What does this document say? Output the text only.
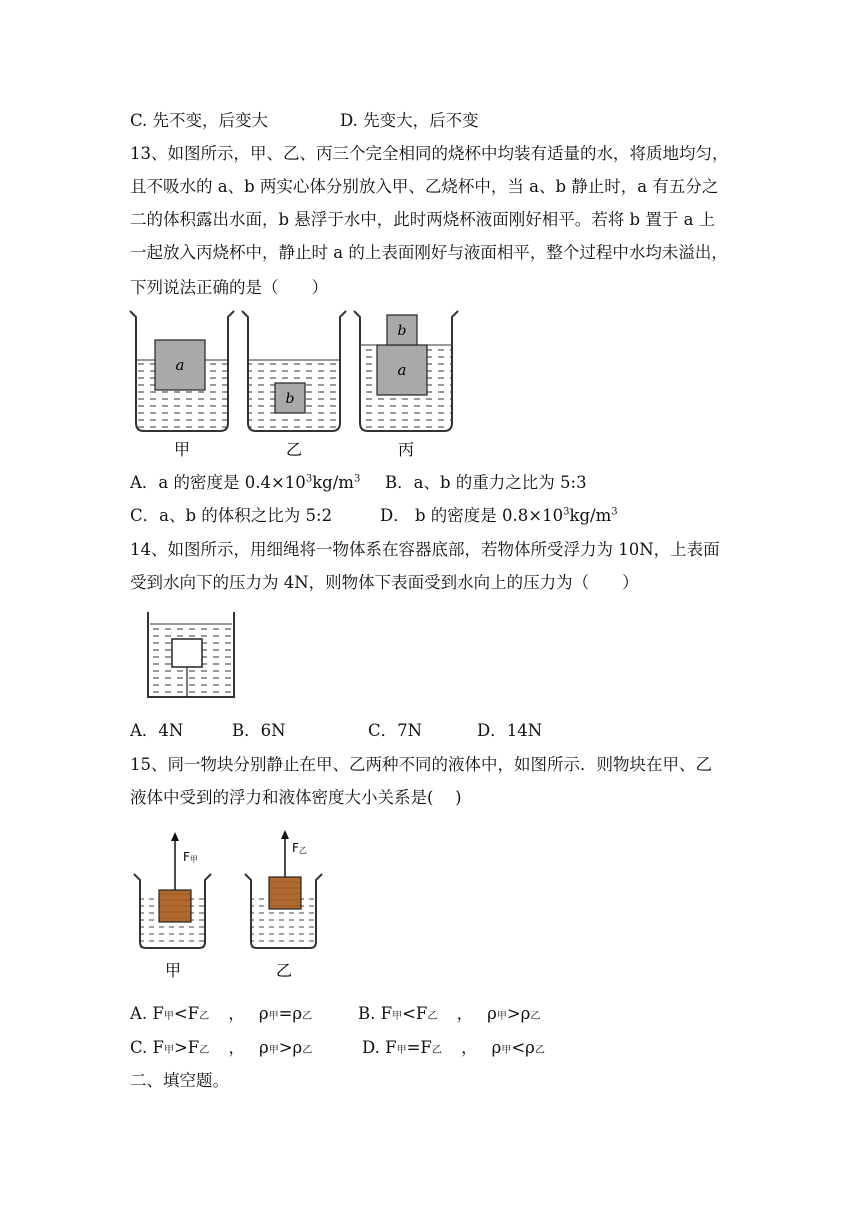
C. 先不变，后变大	D. 先变大，后不变
13、如图所示，甲、乙、丙三个完全相同的烧杯中均装有适量的水，将质地均匀，
且不吸水的 a、b 两实心体分别放入甲、乙烧杯中，当 a、b 静止时，a 有五分之
二的体积露出水面，b 悬浮于水中，此时两烧杯液面刚好相平。若将 b 置于 a 上
一起放入丙烧杯中，静止时 a 的上表面刚好与液面相平，整个过程中水均未溢出，
下列说法正确的是（　　）
a
b
a
b
甲	乙	丙
A．a 的密度是 $0.4\times 10^3kg/m^3$ B．a、b 的重力之比为 5:3
C．a、b 的体积之比为 5:2	D． b 的密度是 $0.8\times 10^3kg/m^3$
14、如图所示，用细绳将一物体系在容器底部，若物体所受浮力为 10N，上表面
受到水向下的压力为 4N，则物体下表面受到水向上的压力为（　　）
A．4N	B．6N	C．7N	D．14N
15、同一物块分别静止在甲、乙两种不同的液体中，如图所示．则物块在甲、乙
液体中受到的浮力和液体密度大小关系是(　 )
F甲
F乙
甲	乙
A. F甲<F乙 ， ρ甲=ρ乙	B. F甲<F乙 ， ρ甲>ρ乙
C. F甲>F乙 ， ρ甲>ρ乙	D. F甲=F乙 ， ρ甲<ρ乙
二、填空题。
